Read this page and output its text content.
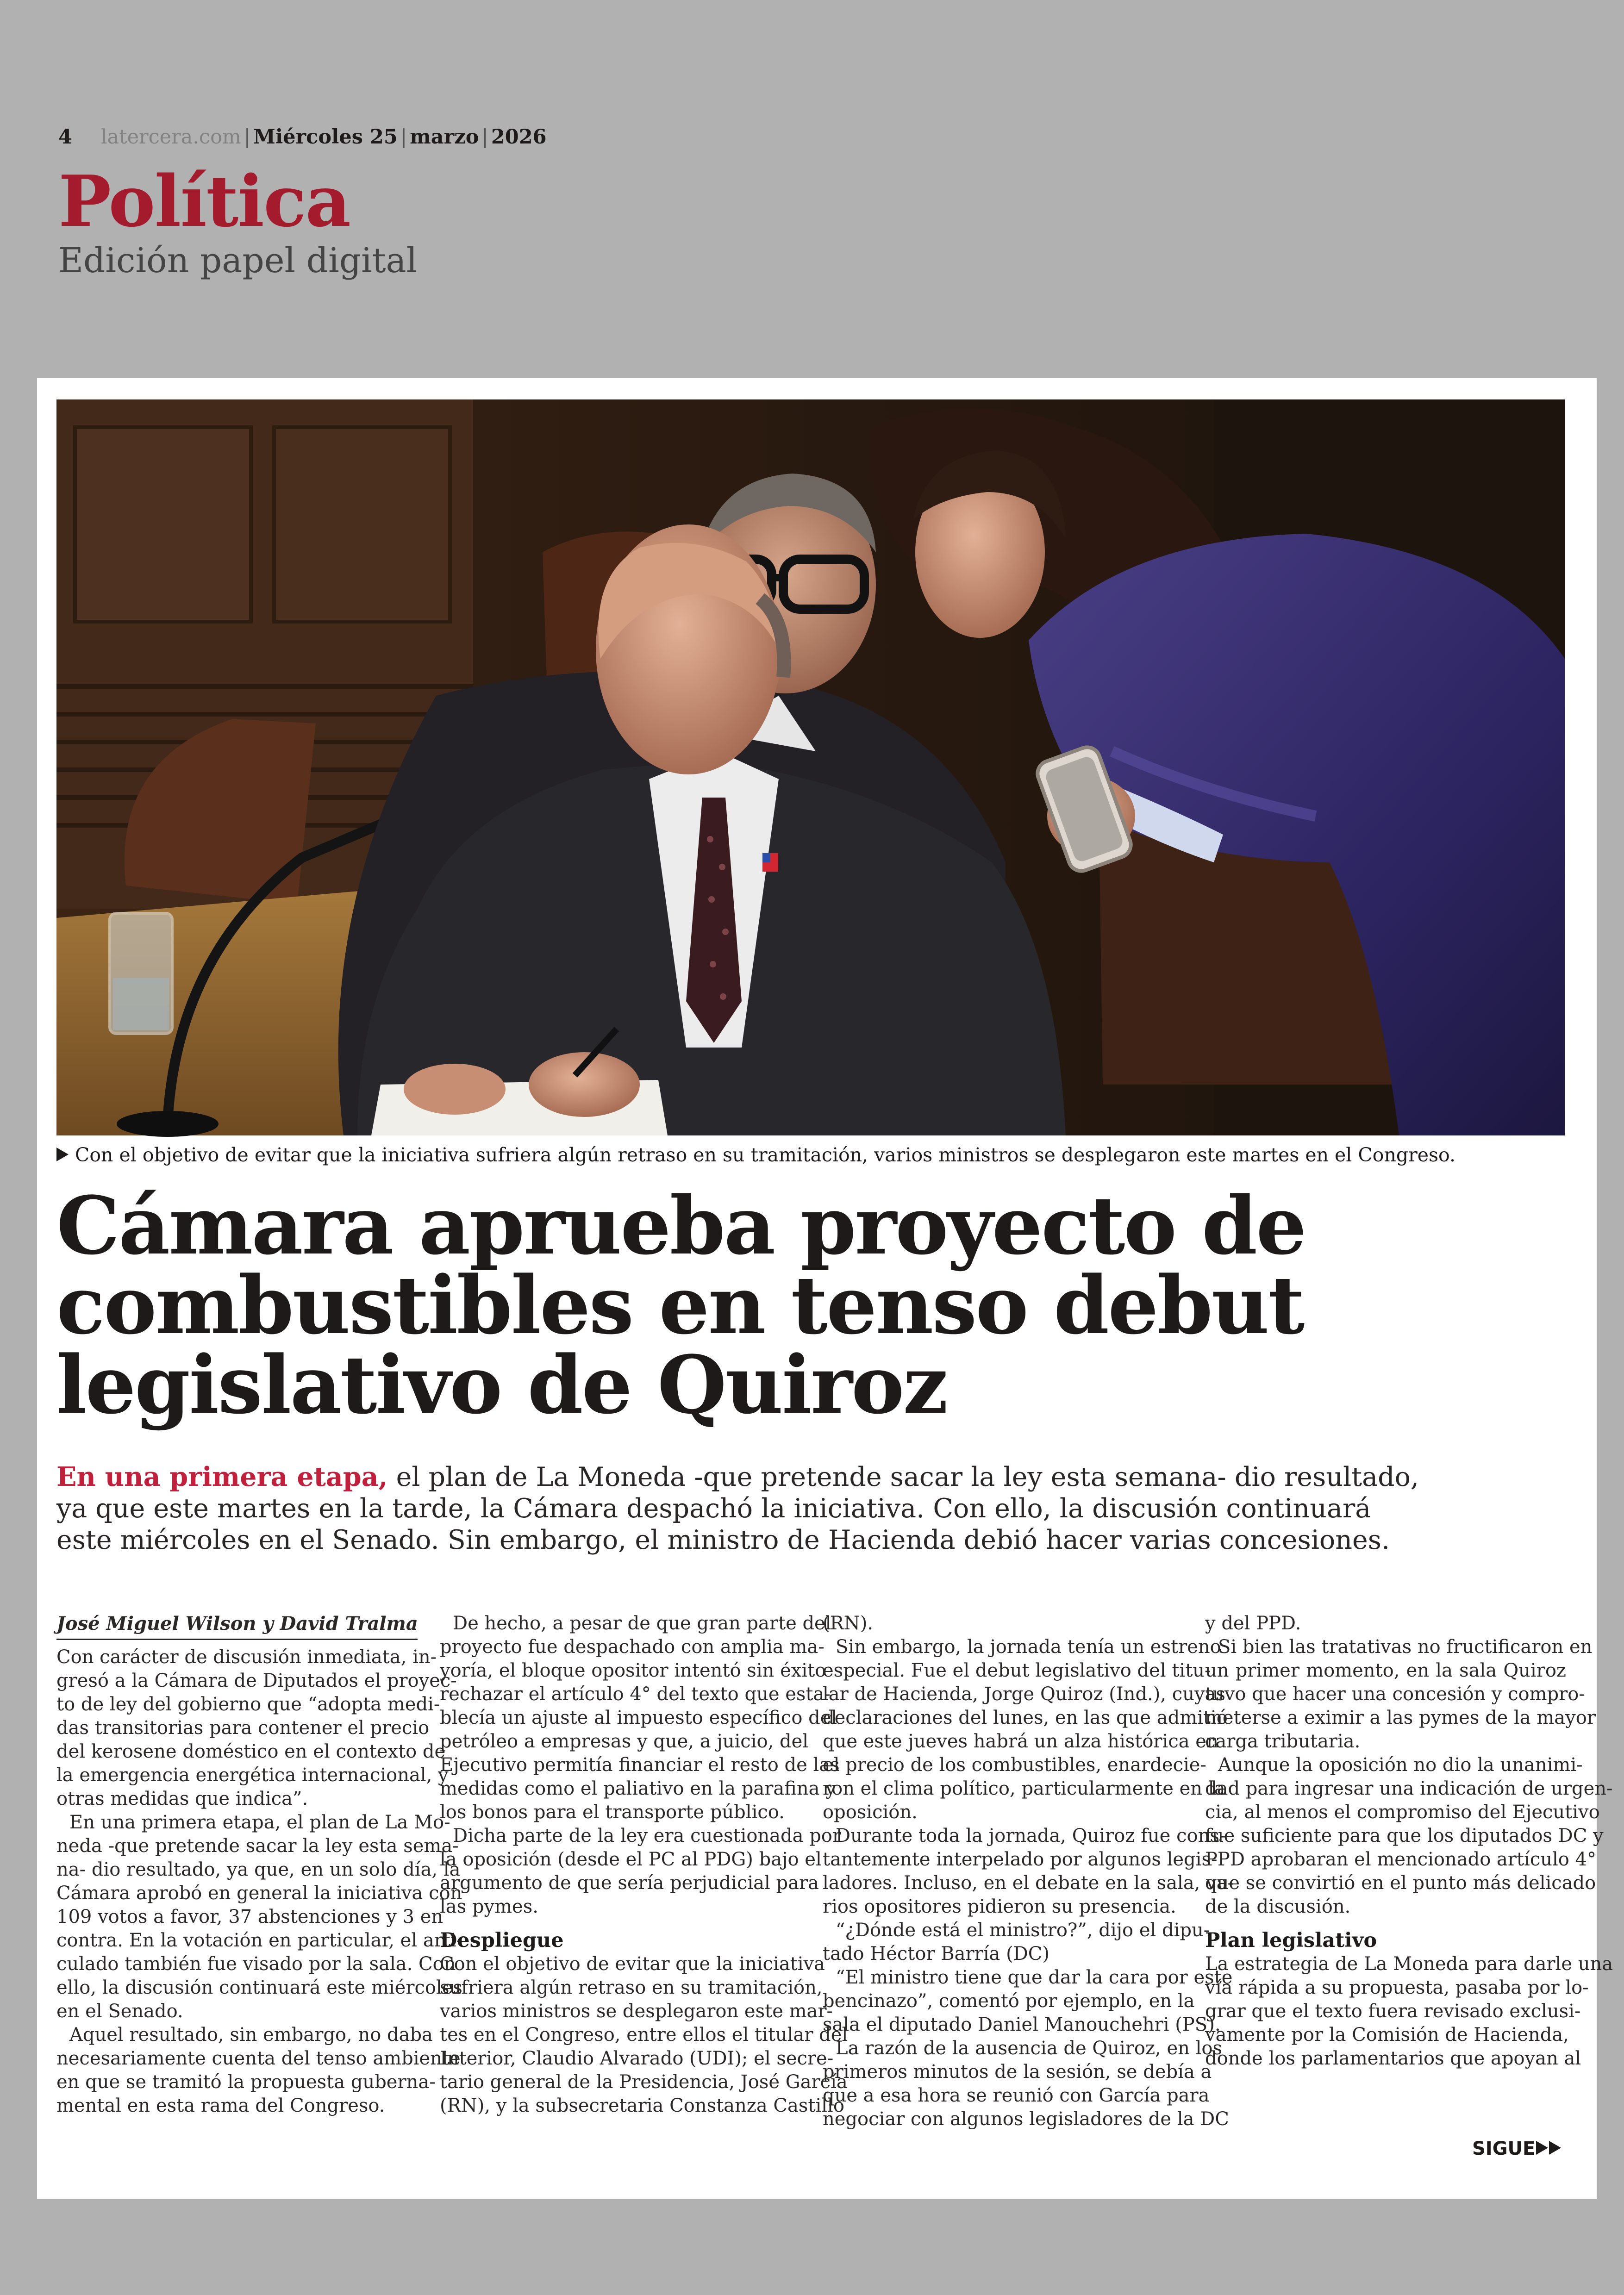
4 latercera.com | Miércoles 25 | marzo | 2026
Política
Edición papel digital
Con el objetivo de evitar que la iniciativa sufriera algún retraso en su tramitación, varios ministros se desplegaron este martes en el Congreso.
Cámara aprueba proyecto de
combustibles en tenso debut
legislativo de Quiroz
En una primera etapa, el plan de La Moneda -que pretende sacar la ley esta semana- dio resultado,
ya que este martes en la tarde, la Cámara despachó la iniciativa. Con ello, la discusión continuará
este miércoles en el Senado. Sin embargo, el ministro de Hacienda debió hacer varias concesiones.
José Miguel Wilson y David Tralma
Con carácter de discusión inmediata, in-
gresó a la Cámara de Diputados el proyec-
to de ley del gobierno que “adopta medi-
das transitorias para contener el precio
del kerosene doméstico en el contexto de
la emergencia energética internacional, y
otras medidas que indica”.
En una primera etapa, el plan de La Mo-
neda -que pretende sacar la ley esta sema-
na- dio resultado, ya que, en un solo día, la
Cámara aprobó en general la iniciativa con
109 votos a favor, 37 abstenciones y 3 en
contra. En la votación en particular, el arti-
culado también fue visado por la sala. Con
ello, la discusión continuará este miércoles
en el Senado.
Aquel resultado, sin embargo, no daba
necesariamente cuenta del tenso ambiente
en que se tramitó la propuesta guberna-
mental en esta rama del Congreso.
De hecho, a pesar de que gran parte del
proyecto fue despachado con amplia ma-
yoría, el bloque opositor intentó sin éxito
rechazar el artículo 4° del texto que esta-
blecía un ajuste al impuesto específico del
petróleo a empresas y que, a juicio, del
Ejecutivo permitía financiar el resto de las
medidas como el paliativo en la parafina y
los bonos para el transporte público.
Dicha parte de la ley era cuestionada por
la oposición (desde el PC al PDG) bajo el
argumento de que sería perjudicial para
las pymes.
Despliegue
Con el objetivo de evitar que la iniciativa
sufriera algún retraso en su tramitación,
varios ministros se desplegaron este mar-
tes en el Congreso, entre ellos el titular del
Interior, Claudio Alvarado (UDI); el secre-
tario general de la Presidencia, José García
(RN), y la subsecretaria Constanza Castillo
(RN).
Sin embargo, la jornada tenía un estreno
especial. Fue el debut legislativo del titu-
lar de Hacienda, Jorge Quiroz (Ind.), cuyas
declaraciones del lunes, en las que admitió
que este jueves habrá un alza histórica en
el precio de los combustibles, enardecie-
ron el clima político, particularmente en la
oposición.
Durante toda la jornada, Quiroz fue cons-
tantemente interpelado por algunos legis-
ladores. Incluso, en el debate en la sala, va-
rios opositores pidieron su presencia.
“¿Dónde está el ministro?”, dijo el dipu-
tado Héctor Barría (DC)
“El ministro tiene que dar la cara por este
bencinazo”, comentó por ejemplo, en la
sala el diputado Daniel Manouchehri (PS).
La razón de la ausencia de Quiroz, en los
primeros minutos de la sesión, se debía a
que a esa hora se reunió con García para
negociar con algunos legisladores de la DC
y del PPD.
Si bien las tratativas no fructificaron en
un primer momento, en la sala Quiroz
tuvo que hacer una concesión y compro-
meterse a eximir a las pymes de la mayor
carga tributaria.
Aunque la oposición no dio la unanimi-
dad para ingresar una indicación de urgen-
cia, al menos el compromiso del Ejecutivo
fue suficiente para que los diputados DC y
PPD aprobaran el mencionado artículo 4°
que se convirtió en el punto más delicado
de la discusión.
Plan legislativo
La estrategia de La Moneda para darle una
vía rápida a su propuesta, pasaba por lo-
grar que el texto fuera revisado exclusi-
vamente por la Comisión de Hacienda,
donde los parlamentarios que apoyan al
SIGUE
